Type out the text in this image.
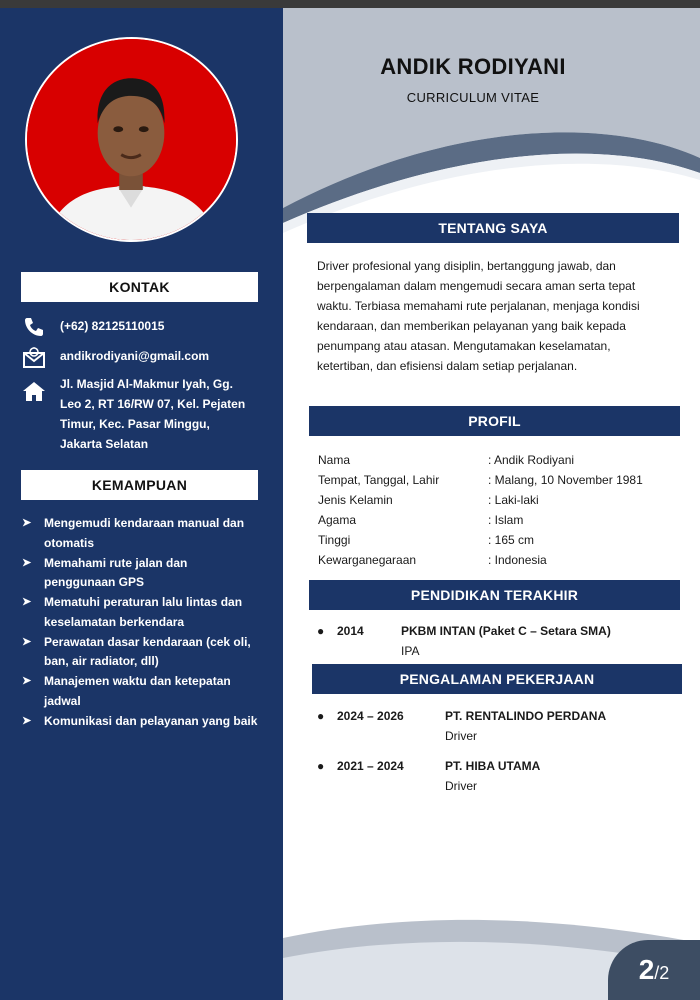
KONTAK
(+62) 82125110015
andikrodiyani@gmail.com
Jl. Masjid Al-Makmur Iyah, Gg.
Leo 2, RT 16/RW 07, Kel. Pejaten
Timur, Kec. Pasar Minggu,
Jakarta Selatan
KEMAMPUAN
➤	Mengemudi kendaraan manual dan
otomatis
➤	Memahami rute jalan dan
penggunaan GPS
➤	Mematuhi peraturan lalu lintas dan
keselamatan berkendara
➤	Perawatan dasar kendaraan (cek oli,
ban, air radiator, dll)
➤	Manajemen waktu dan ketepatan
jadwal
➤	Komunikasi dan pelayanan yang baik
ANDIK RODIYANI
CURRICULUM VITAE
TENTANG SAYA
Driver profesional yang disiplin, bertanggung jawab, dan
berpengalaman dalam mengemudi secara aman serta tepat
waktu. Terbiasa memahami rute perjalanan, menjaga kondisi
kendaraan, dan memberikan pelayanan yang baik kepada
penumpang atau atasan. Mengutamakan keselamatan,
ketertiban, dan efisiensi dalam setiap perjalanan.
PROFIL
Nama	: Andik Rodiyani
Tempat, Tanggal, Lahir	: Malang, 10 November 1981
Jenis Kelamin	: Laki-laki
Agama	: Islam
Tinggi	: 165 cm
Kewarganegaraan	: Indonesia
PENDIDIKAN TERAKHIR
●	2014	PKBM INTAN (Paket C – Setara SMA)
IPA
PENGALAMAN PEKERJAAN
●	2024 – 2026	PT. RENTALINDO PERDANA
Driver
●	2021 – 2024	PT. HIBA UTAMA
Driver
2 /2
